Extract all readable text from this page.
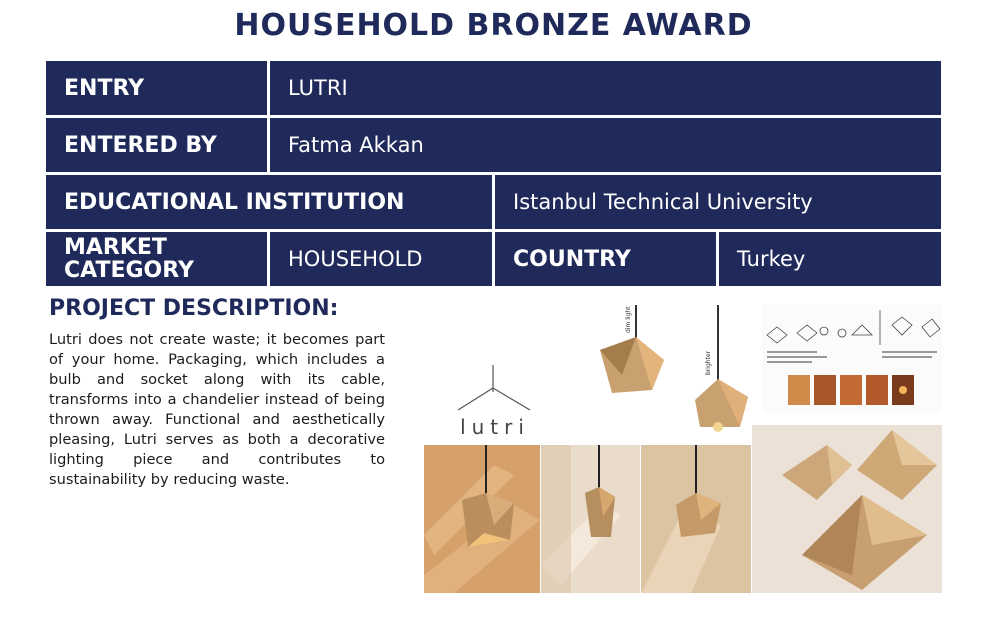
HOUSEHOLD BRONZE AWARD
ENTRY	LUTRI
ENTERED BY	Fatma Akkan
EDUCATIONAL INSTITUTION	Istanbul Technical University
MARKET
CATEGORY	HOUSEHOLD	COUNTRY	Turkey
PROJECT DESCRIPTION:
Lutri does not create waste; it becomes part of your home. Packaging, which includes a bulb and socket along with its cable, transforms into a chandelier instead of being thrown away. Functional and aesthetically pleasing, Lutri serves as both a decorative lighting piece and contributes to sustainability by reducing waste.
lutri
dim light
brighter
